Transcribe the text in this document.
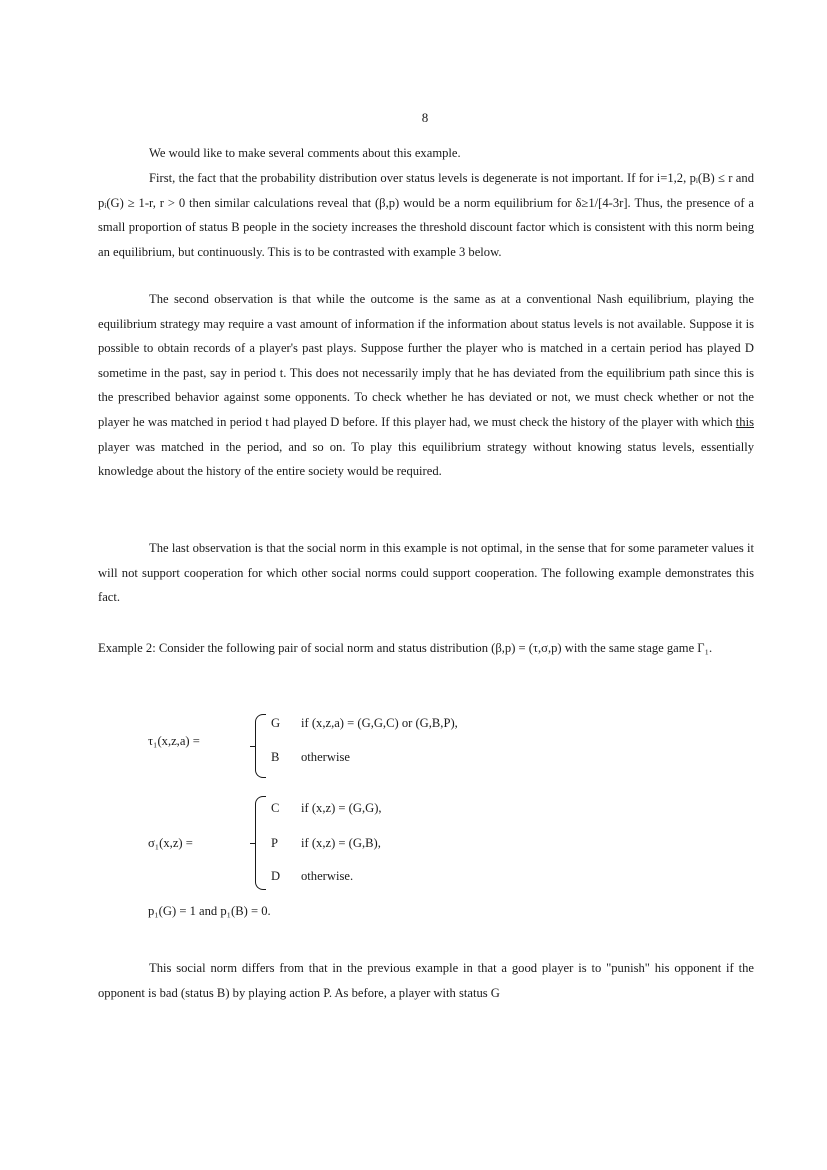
8

We would like to make several comments about this example.

First, the fact that the probability distribution over status levels is degenerate is not important. If for i=1,2, pᵢ(B) ≤ r and pᵢ(G) ≥ 1-r, r > 0 then similar calculations reveal that (β,p) would be a norm equilibrium for δ≥1/[4-3r]. Thus, the presence of a small proportion of status B people in the society increases the threshold discount factor which is consistent with this norm being an equilibrium, but continuously. This is to be contrasted with example 3 below.

The second observation is that while the outcome is the same as at a conventional Nash equilibrium, playing the equilibrium strategy may require a vast amount of information if the information about status levels is not available. Suppose it is possible to obtain records of a player's past plays. Suppose further the player who is matched in a certain period has played D sometime in the past, say in period t. This does not necessarily imply that he has deviated from the equilibrium path since this is the prescribed behavior against some opponents. To check whether he has deviated or not, we must check whether or not the player he was matched in period t had played D before. If this player had, we must check the history of the player with which this player was matched in the period, and so on. To play this equilibrium strategy without knowing status levels, essentially knowledge about the history of the entire society would be required.

The last observation is that the social norm in this example is not optimal, in the sense that for some parameter values it will not support cooperation for which other social norms could support cooperation. The following example demonstrates this fact.

Example 2: Consider the following pair of social norm and status distribution (β,p) = (τ,σ,p) with the same stage game Γ₁.

τ₁(x,z,a) =
G if (x,z,a) = (G,G,C) or (G,B,P),
B otherwise
σ₁(x,z) =
C if (x,z) = (G,G),
P if (x,z) = (G,B),
D otherwise.
p₁(G) = 1 and p₁(B) = 0.

This social norm differs from that in the previous example in that a good player is to "punish" his opponent if the opponent is bad (status B) by playing action P. As before, a player with status G
